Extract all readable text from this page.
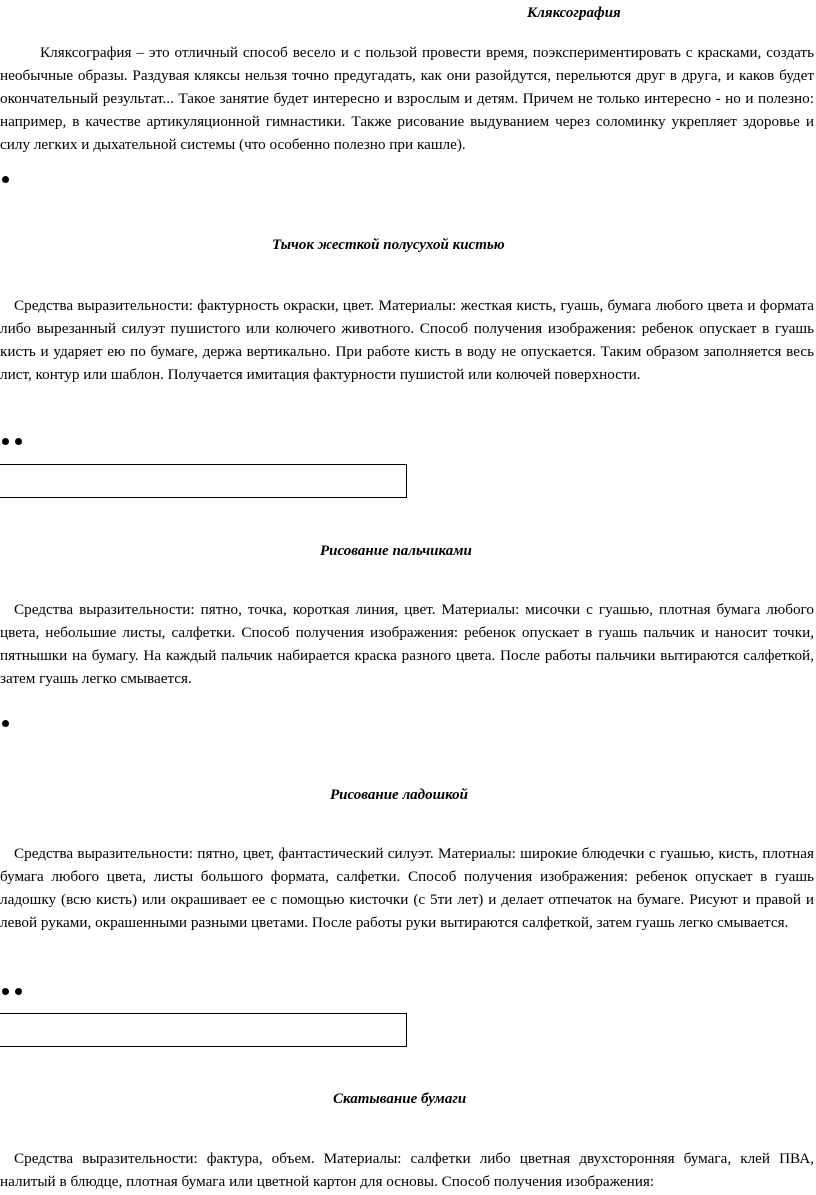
Кляксография

Кляксография – это отличный способ весело и с пользой провести время, поэкспериментировать с красками, создать необычные образы. Раздувая кляксы нельзя точно предугадать, как они разойдутся, перельются друг в друга, и каков будет окончательный результат... Такое занятие будет интересно и взрослым и детям. Причем не только интересно - но и полезно: например, в качестве артикуляционной гимнастики. Также рисование выдуванием через соломинку укрепляет здоровье и силу легких и дыхательной системы (что особенно полезно при кашле).

Тычок жесткой полусухой кистью

Средства выразительности: фактурность окраски, цвет. Материалы: жесткая кисть, гуашь, бумага любого цвета и формата либо вырезанный силуэт пушистого или колючего животного. Способ получения изображения: ребенок опускает в гуашь кисть и ударяет ею по бумаге, держа вертикально. При работе кисть в воду не опускается. Таким образом заполняется весь лист, контур или шаблон. Получается имитация фактурности пушистой или колючей поверхности.

Рисование пальчиками

Средства выразительности: пятно, точка, короткая линия, цвет. Материалы: мисочки с гуашью, плотная бумага любого цвета, небольшие листы, салфетки. Способ получения изображения: ребенок опускает в гуашь пальчик и наносит точки, пятнышки на бумагу. На каждый пальчик набирается краска разного цвета. После работы пальчики вытираются салфеткой, затем гуашь легко смывается.

Рисование ладошкой

Средства выразительности: пятно, цвет, фантастический силуэт. Материалы: широкие блюдечки с гуашью, кисть, плотная бумага любого цвета, листы большого формата, салфетки. Способ получения изображения: ребенок опускает в гуашь ладошку (всю кисть) или окрашивает ее с помощью кисточки (с 5ти лет) и делает отпечаток на бумаге. Рисуют и правой и левой руками, окрашенными разными цветами. После работы руки вытираются салфеткой, затем гуашь легко смывается.

Скатывание бумаги

Средства выразительности: фактура, объем. Материалы: салфетки либо цветная двухсторонняя бумага, клей ПВА, налитый в блюдце, плотная бумага или цветной картон для основы. Способ получения изображения:
